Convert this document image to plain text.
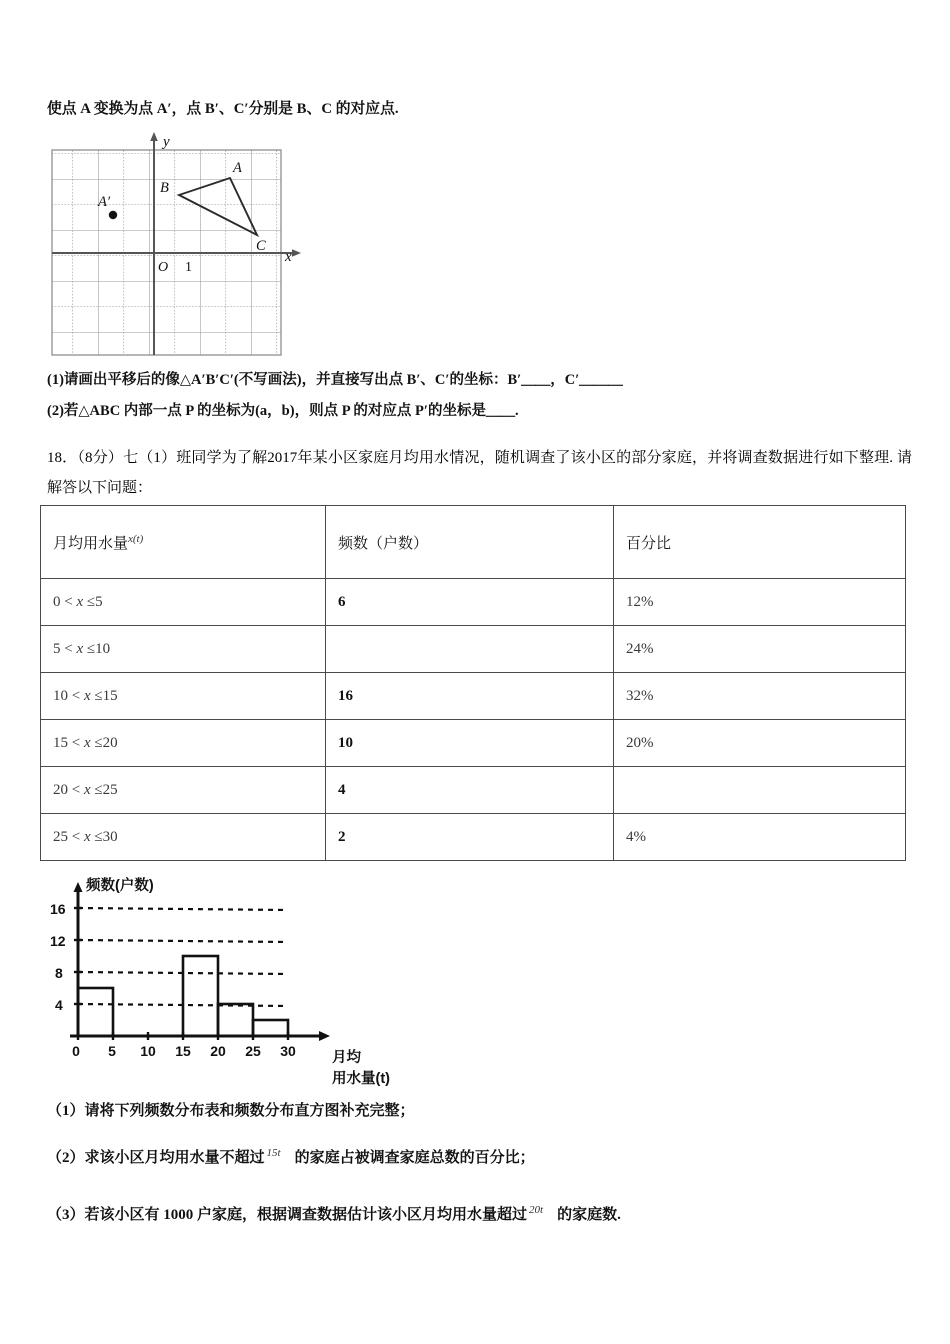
使点 A 变换为点 A′，点 B′、C′分别是 B、C 的对应点.
y
x
O 1
A
B
C
A′
(1)请画出平移后的像△A′B′C′(不写画法)，并直接写出点 B′、C′的坐标：B′＿＿，C′＿＿＿
(2)若△ABC 内部一点 P 的坐标为(a，b)，则点 P 的对应点 P′的坐标是＿＿.
18．（8分）七（1）班同学为了解2017年某小区家庭月均用水情况，随机调查了该小区的部分家庭，并将调查数据进行如下整理. 请解答以下问题：
月均用水量$^{x(t)}$	频数（户数）	百分比
0 < x ≤5	6	12%
5 < x ≤10		24%
10 < x ≤15	16	32%
15 < x ≤20	10	20%
20 < x ≤25	4	
25 < x ≤30	2	4%
4
8
12
16
0 5 10 15 20 25 30
频数(户数)
月均
用水量(t)
（1）请将下列频数分布表和频数分布直方图补充完整；
（2）求该小区月均用水量不超过 $^{15t}$ 的家庭占被调查家庭总数的百分比；
（3）若该小区有 1000 户家庭，根据调查数据估计该小区月均用水量超过 $^{20t}$ 的家庭数.
